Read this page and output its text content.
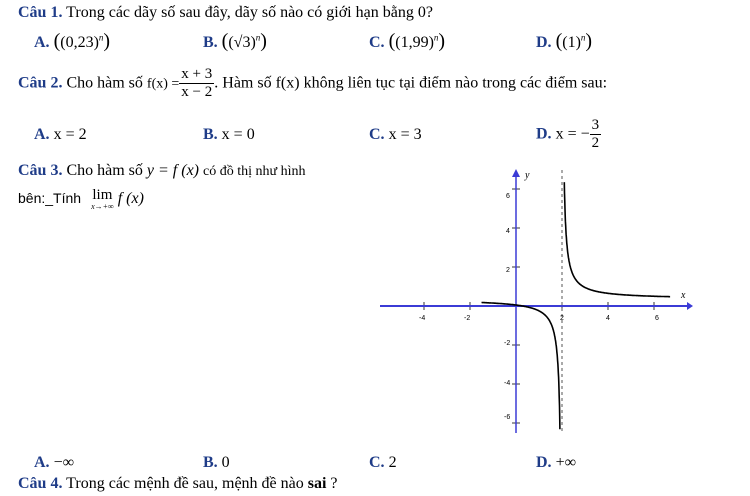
Câu 1. Trong các dãy số sau đây, dãy số nào có giới hạn bằng 0?
A. $((0,23)^n)$	B. $((√3)^n)$	C. $((1,99)^n)$	D. $((1)^n)$
Câu 2. Cho hàm số $f(x) = \frac{x + 3}{x - 2}$ . Hàm số f(x) không liên tục tại điểm nào trong các điểm sau:
A. x = 2	B. x = 0	C. x = 3	D. x = − $\frac{3}{2}$
Câu 3. Cho hàm số y = f (x) có đồ thị như hình
bên:_Tính lim
x→+∞ f (x)
x
y
-4	-2	2	4	6
6
4
2
-2
-4
-6
A. −∞	B. 0	C. 2	D. +∞
Câu 4. Trong các mệnh đề sau, mệnh đề nào sai ?
